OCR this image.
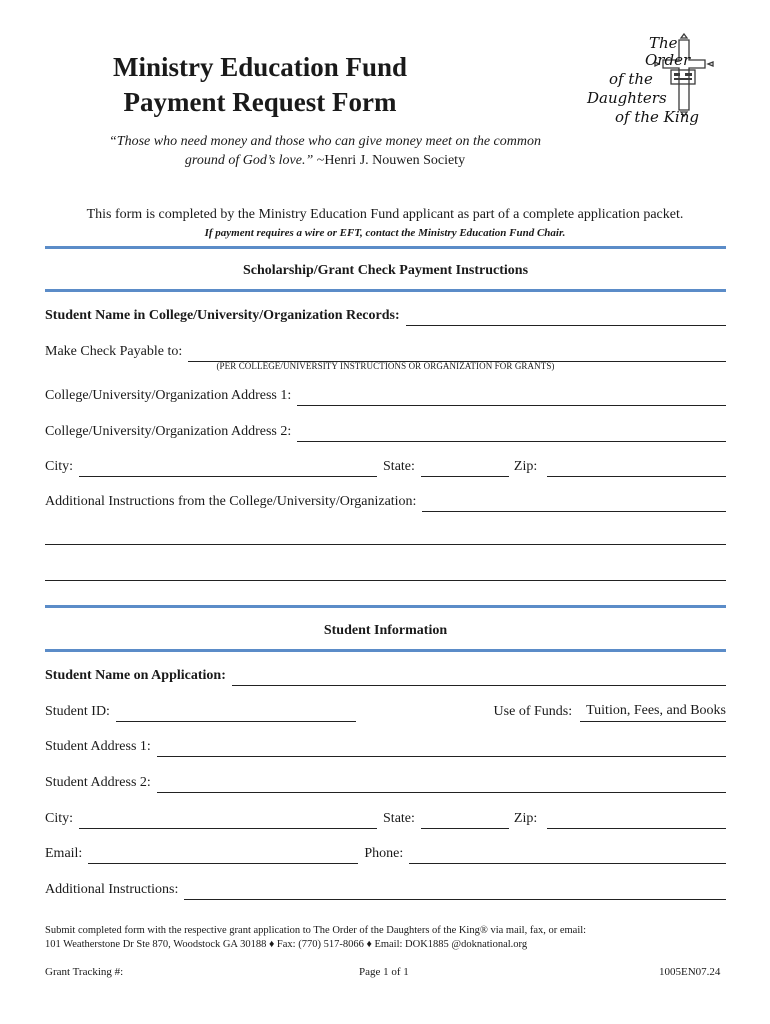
Ministry Education Fund
Payment Request Form
“Those who need money and those who can give money meet on the common ground of God’s love.” ~Henri J. Nouwen Society
The
Order
of the
Daughters
of the King
This form is completed by the Ministry Education Fund applicant as part of a complete application packet.
If payment requires a wire or EFT, contact the Ministry Education Fund Chair.
Scholarship/Grant Check Payment Instructions
Student Name in College/University/Organization Records:
Make Check Payable to:
(PER COLLEGE/UNIVERSITY INSTRUCTIONS OR ORGANIZATION FOR GRANTS)
College/University/Organization Address 1:
College/University/Organization Address 2:
City:	State:	Zip:
Additional Instructions from the College/University/Organization:
Student Information
Student Name on Application:
Student ID:	Use of Funds:	Tuition, Fees, and Books
Student Address 1:
Student Address 2:
City:	State:	Zip:
Email:	Phone:
Additional Instructions:
Submit completed form with the respective grant application to The Order of the Daughters of the King® via mail, fax, or email:
101 Weatherstone Dr Ste 870, Woodstock GA 30188 ♦ Fax: (770) 517-8066 ♦ Email: DOK1885 @doknational.org
Grant Tracking #:	Page 1 of 1	1005EN07.24
